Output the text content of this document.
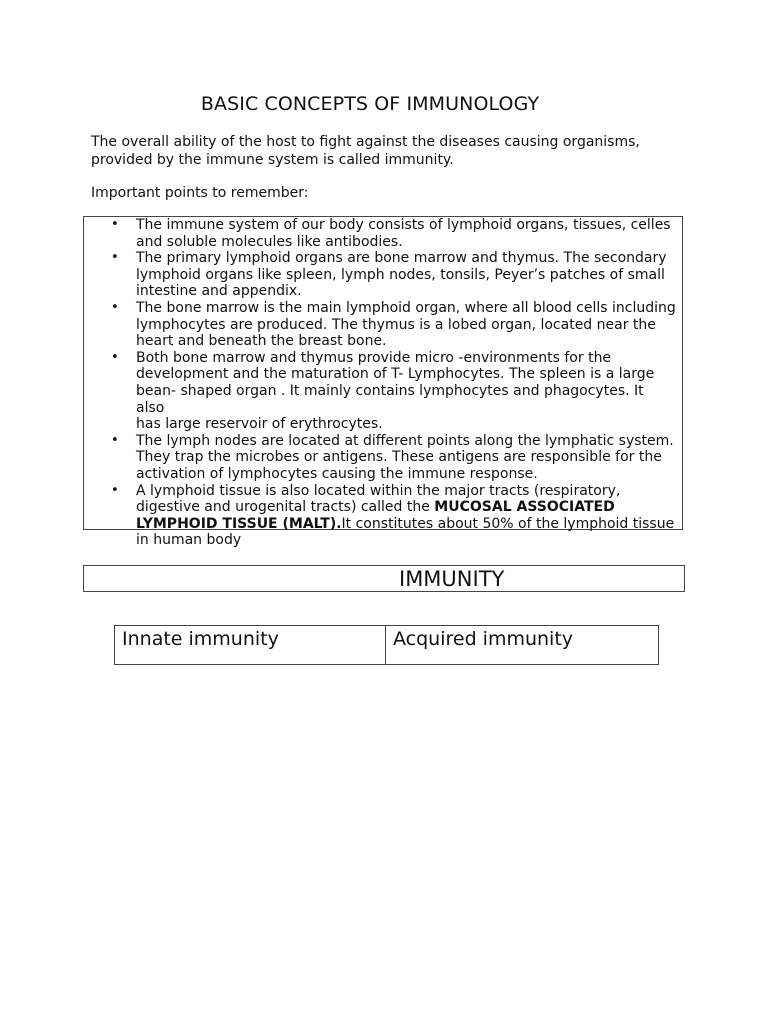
BASIC CONCEPTS OF IMMUNOLOGY
The overall ability of the host to fight against the diseases causing organisms,
provided by the immune system is called immunity.
Important points to remember:
• The immune system of our body consists of lymphoid organs, tissues, celles
and soluble molecules like antibodies.
• The primary lymphoid organs are bone marrow and thymus. The secondary
lymphoid organs like spleen, lymph nodes, tonsils, Peyer’s patches of small
intestine and appendix.
• The bone marrow is the main lymphoid organ, where all blood cells including
lymphocytes are produced. The thymus is a lobed organ, located near the
heart and beneath the breast bone.
• Both bone marrow and thymus provide micro -environments for the
development and the maturation of T- Lymphocytes. The spleen is a large
bean- shaped organ . It mainly contains lymphocytes and phagocytes. It also
has large reservoir of erythrocytes.
• The lymph nodes are located at different points along the lymphatic system.
They trap the microbes or antigens. These antigens are responsible for the
activation of lymphocytes causing the immune response.
• A lymphoid tissue is also located within the major tracts (respiratory,
digestive and urogenital tracts) called the MUCOSAL ASSOCIATED
LYMPHOID TISSUE (MALT).It constitutes about 50% of the lymphoid tissue
in human body
IMMUNITY
Innate immunity	Acquired immunity
